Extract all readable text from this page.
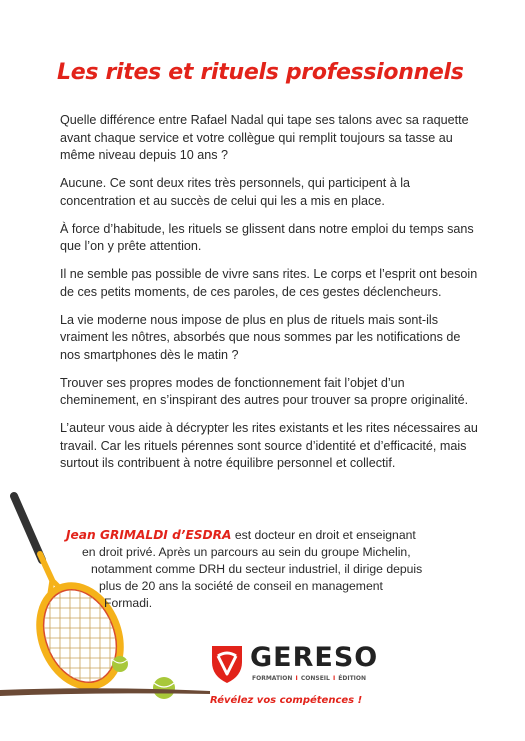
Les rites et rituels professionnels

Quelle différence entre Rafael Nadal qui tape ses talons avec sa raquette avant chaque service et votre collègue qui remplit toujours sa tasse au même niveau depuis 10 ans ?

Aucune. Ce sont deux rites très personnels, qui participent à la concentration et au succès de celui qui les a mis en place.

À force d’habitude, les rituels se glissent dans notre emploi du temps sans que l’on y prête attention.

Il ne semble pas possible de vivre sans rites. Le corps et l’esprit ont besoin de ces petits moments, de ces paroles, de ces gestes déclencheurs.

La vie moderne nous impose de plus en plus de rituels mais sont-ils vraiment les nôtres, absorbés que nous sommes par les notifications de nos smartphones dès le matin ?

Trouver ses propres modes de fonctionnement fait l’objet d’un cheminement, en s’inspirant des autres pour trouver sa propre originalité.

L’auteur vous aide à décrypter les rites existants et les rites nécessaires au travail. Car les rituels pérennes sont source d’identité et d’efficacité, mais surtout ils contribuent à notre équilibre personnel et collectif.

Jean GRIMALDI d’ESDRA est docteur en droit et enseignant
en droit privé. Après un parcours au sein du groupe Michelin,
notamment comme DRH du secteur industriel, il dirige depuis
plus de 20 ans la société de conseil en management
Formadi.

GERESO

FORMATION I CONSEIL I ÉDITION
Révélez vos compétences !
